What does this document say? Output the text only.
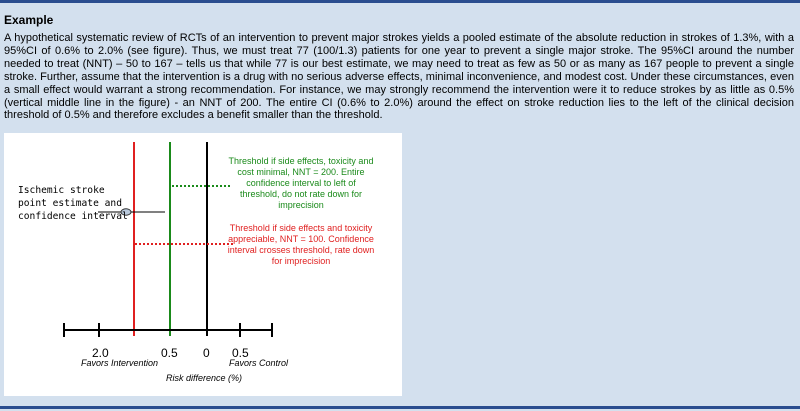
Example

A hypothetical systematic review of RCTs of an intervention to prevent major strokes yields a pooled estimate of the absolute reduction in strokes of 1.3%, with a 95%CI of 0.6% to 2.0% (see figure). Thus, we must treat 77 (100/1.3) patients for one year to prevent a single major stroke. The 95%CI around the number needed to treat (NNT) – 50 to 167 – tells us that while 77 is our best estimate, we may need to treat as few as 50 or as many as 167 people to prevent a single stroke. Further, assume that the intervention is a drug with no serious adverse effects, minimal inconvenience, and modest cost. Under these circumstances, even a small effect would warrant a strong recommendation. For instance, we may strongly recommend the intervention were it to reduce strokes by as little as 0.5% (vertical middle line in the figure) - an NNT of 200. The entire CI (0.6% to 2.0%) around the effect on stroke reduction lies to the left of the clinical decision threshold of 0.5% and therefore excludes a benefit smaller than the threshold.

Ischemic stroke point estimate and confidence interval
Threshold if side effects, toxicity and cost minimal, NNT = 200. Entire confidence interval to left of threshold, do not rate down for imprecision
Threshold if side effects and toxicity appreciable, NNT = 100. Confidence interval crosses threshold, rate down for imprecision
2.0	0.5 0 0.5
Favors Intervention	Favors Control
Risk difference (%)
